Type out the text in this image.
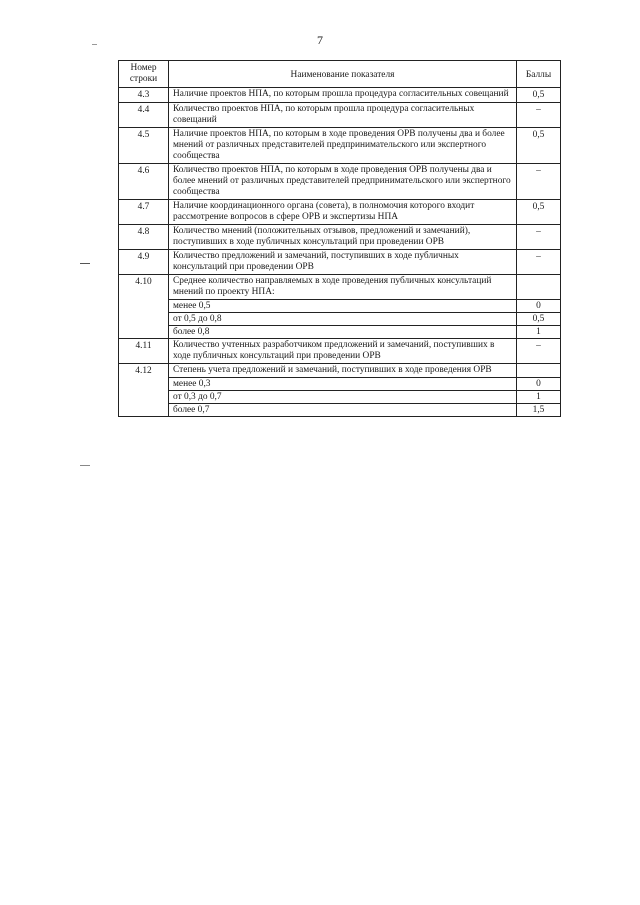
7
Номер строки	Наименование показателя	Баллы
4.3	Наличие проектов НПА, по которым прошла процедура согласительных совещаний	0,5
4.4	Количество проектов НПА, по которым прошла процедура согласительных совещаний	–
4.5	Наличие проектов НПА, по которым в ходе проведения ОРВ получены два и более мнений от различных представителей предпринимательского или экспертного сообщества	0,5
4.6	Количество проектов НПА, по которым в ходе проведения ОРВ получены два и более мнений от различных представителей предпринимательского или экспертного сообщества	–
4.7	Наличие координационного органа (совета), в полномочия которого входит рассмотрение вопросов в сфере ОРВ и экспертизы НПА	0,5
4.8	Количество мнений (положительных отзывов, предложений и замечаний), поступивших в ходе публичных консультаций при проведении ОРВ	–
4.9	Количество предложений и замечаний, поступивших в ходе публичных консультаций при проведении ОРВ	–
4.10	Среднее количество направляемых в ходе проведения публичных консультаций мнений по проекту НПА:	
	менее 0,5	0
	от 0,5 до 0,8	0,5
	более 0,8	1
4.11	Количество учтенных разработчиком предложений и замечаний, поступивших в ходе публичных консультаций при проведении ОРВ	–
4.12	Степень учета предложений и замечаний, поступивших в ходе проведения ОРВ	
	менее 0,3	0
	от 0,3 до 0,7	1
	более 0,7	1,5
